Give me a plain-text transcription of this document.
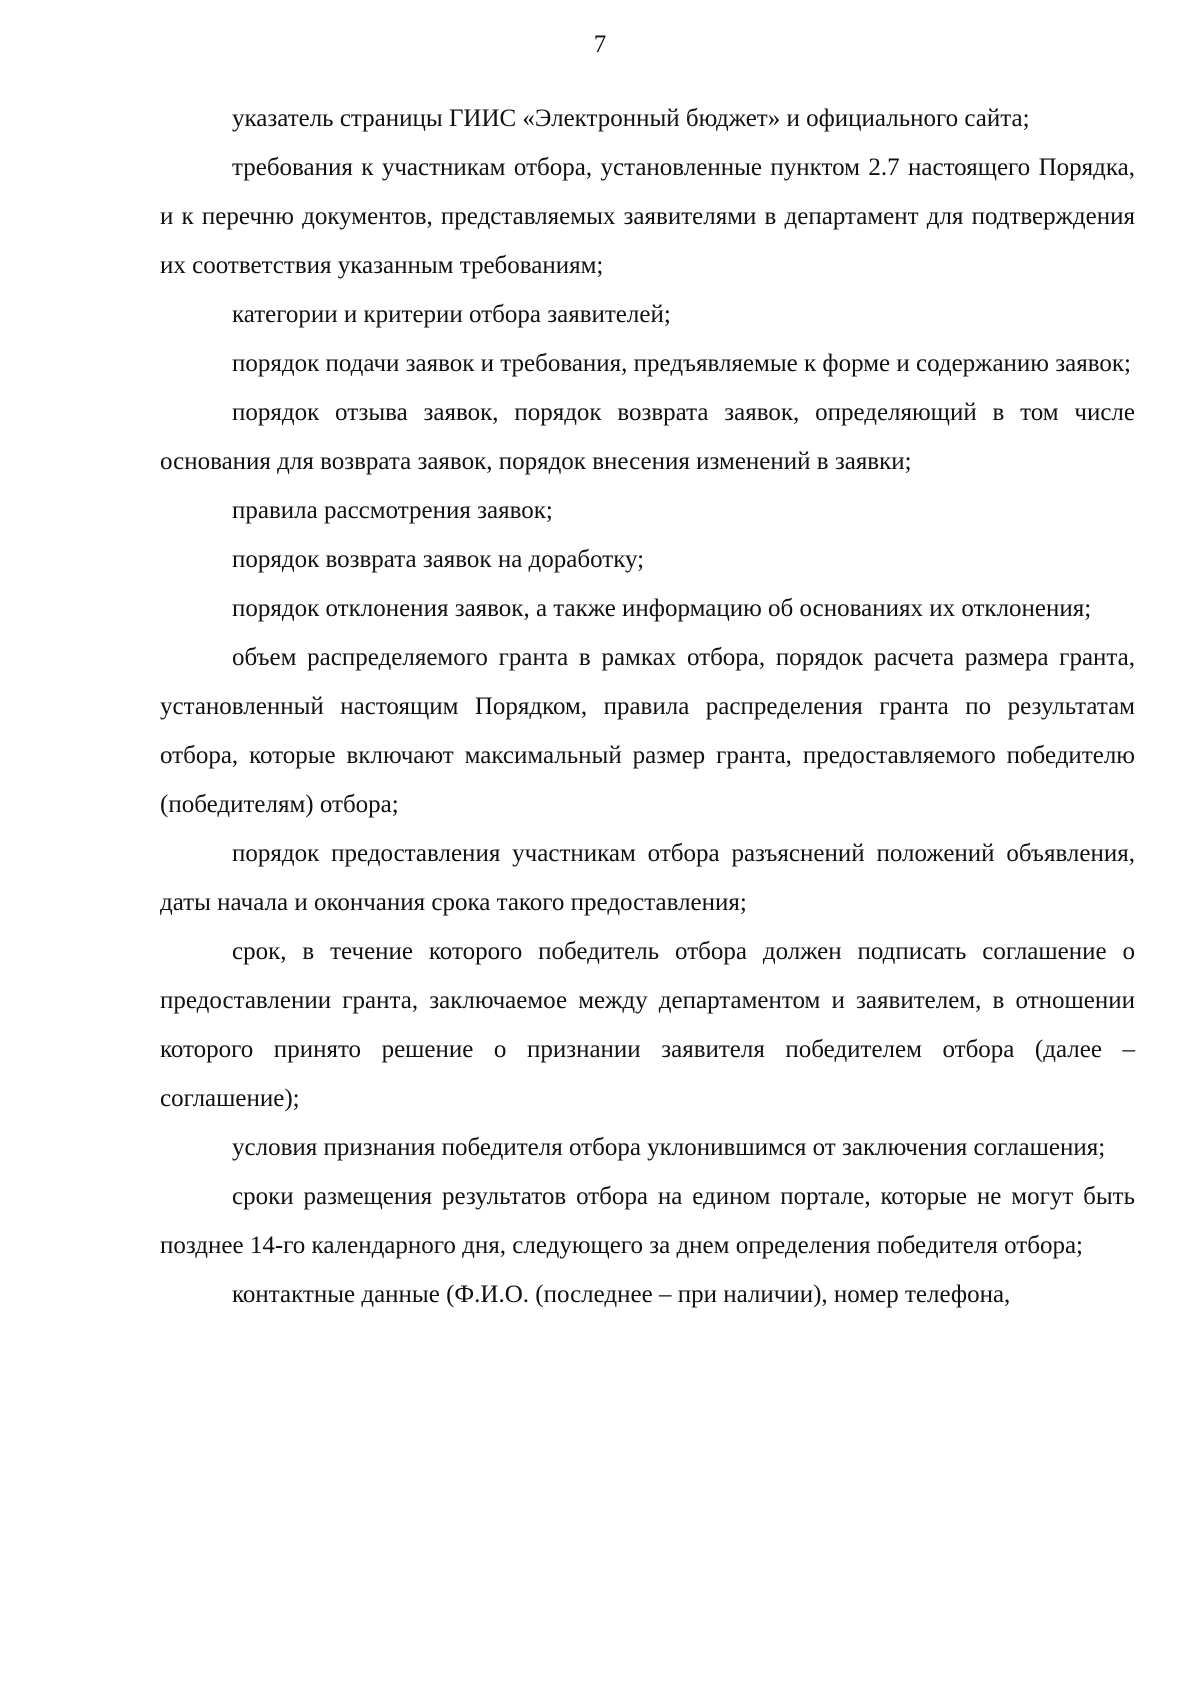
7

указатель страницы ГИИС «Электронный бюджет» и официального сайта;

требования к участникам отбора, установленные пунктом 2.7 настоящего Порядка, и к перечню документов, представляемых заявителями в департамент для подтверждения их соответствия указанным требованиям;

категории и критерии отбора заявителей;

порядок подачи заявок и требования, предъявляемые к форме и содержанию заявок;

порядок отзыва заявок, порядок возврата заявок, определяющий в том числе основания для возврата заявок, порядок внесения изменений в заявки;

правила рассмотрения заявок;

порядок возврата заявок на доработку;

порядок отклонения заявок, а также информацию об основаниях их отклонения;

объем распределяемого гранта в рамках отбора, порядок расчета размера гранта, установленный настоящим Порядком, правила распределения гранта по результатам отбора, которые включают максимальный размер гранта, предоставляемого победителю (победителям) отбора;

порядок предоставления участникам отбора разъяснений положений объявления, даты начала и окончания срока такого предоставления;

срок, в течение которого победитель отбора должен подписать соглашение о предоставлении гранта, заключаемое между департаментом и заявителем, в отношении которого принято решение о признании заявителя победителем отбора (далее – соглашение);

условия признания победителя отбора уклонившимся от заключения соглашения;

сроки размещения результатов отбора на едином портале, которые не могут быть позднее 14-го календарного дня, следующего за днем определения победителя отбора;

контактные данные (Ф.И.О. (последнее – при наличии), номер телефона,
